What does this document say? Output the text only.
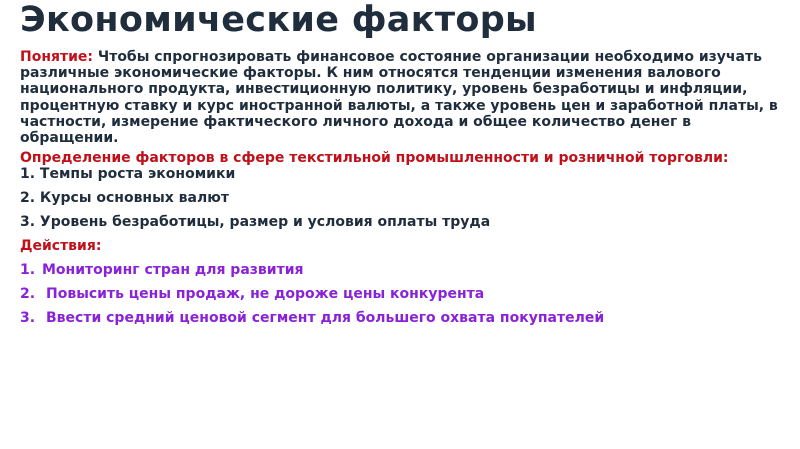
Экономические факторы
Понятие: Чтобы спрогнозировать финансовое состояние организации необходимо изучать различные экономические факторы. К ним относятся тенденции изменения валового национального продукта, инвестиционную политику, уровень безработицы и инфляции, процентную ставку и курс иностранной валюты, а также уровень цен и заработной платы, в частности, измерение фактического личного дохода и общее количество денег в обращении.
Определение факторов в сфере текстильной промышленности и розничной торговли:
1. Темпы роста экономики
2. Курсы основных валют
3. Уровень безработицы, размер и условия оплаты труда
Действия:
1. Мониторинг стран для развития
2. Повысить цены продаж, не дороже цены конкурента
3. Ввести средний ценовой сегмент для большего охвата покупателей
